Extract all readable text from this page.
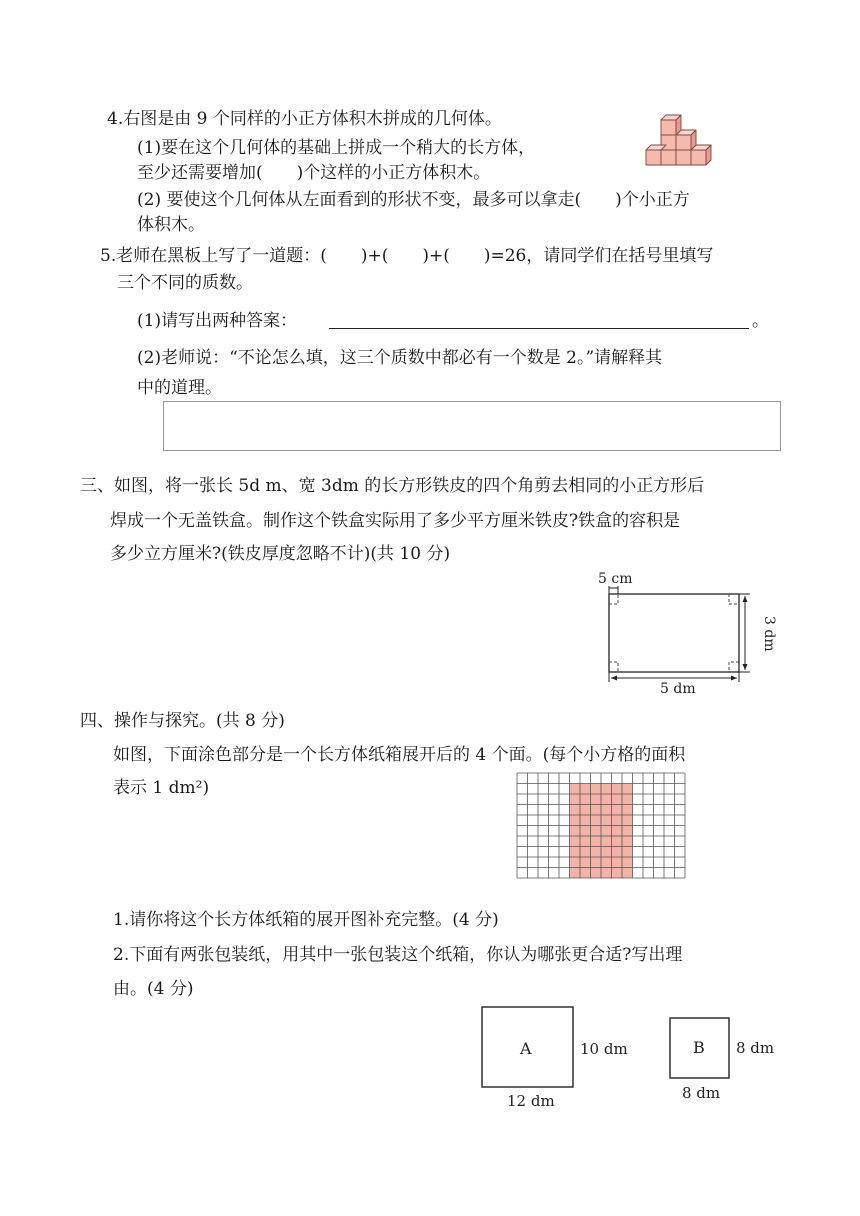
4.右图是由 9 个同样的小正方体积木拼成的几何体。
(1)要在这个几何体的基础上拼成一个稍大的长方体，
至少还需要增加(　　)个这样的小正方体积木。
(2) 要使这个几何体从左面看到的形状不变，最多可以拿走(　　)个小正方
体积木。
5.老师在黑板上写了一道题：(　　)+(　　)+(　　)=26，请同学们在括号里填写
三个不同的质数。
(1)请写出两种答案：	。
(2)老师说：“不论怎么填，这三个质数中都必有一个数是 2。”请解释其
中的道理。
三、如图，将一张长 5d m、宽 3dm 的长方形铁皮的四个角剪去相同的小正方形后
焊成一个无盖铁盒。制作这个铁盒实际用了多少平方厘米铁皮?铁盒的容积是
多少立方厘米?(铁皮厚度忽略不计)(共 10 分)
5 cm
5 dm
3 dm
四、操作与探究。(共 8 分)
如图，下面涂色部分是一个长方体纸箱展开后的 4 个面。(每个小方格的面积
表示 1 dm²)
1.请你将这个长方体纸箱的展开图补充完整。(4 分)
2.下面有两张包装纸，用其中一张包装这个纸箱，你认为哪张更合适?写出理
由。(4 分)
A	10 dm
12 dm
B 8 dm
8 dm
